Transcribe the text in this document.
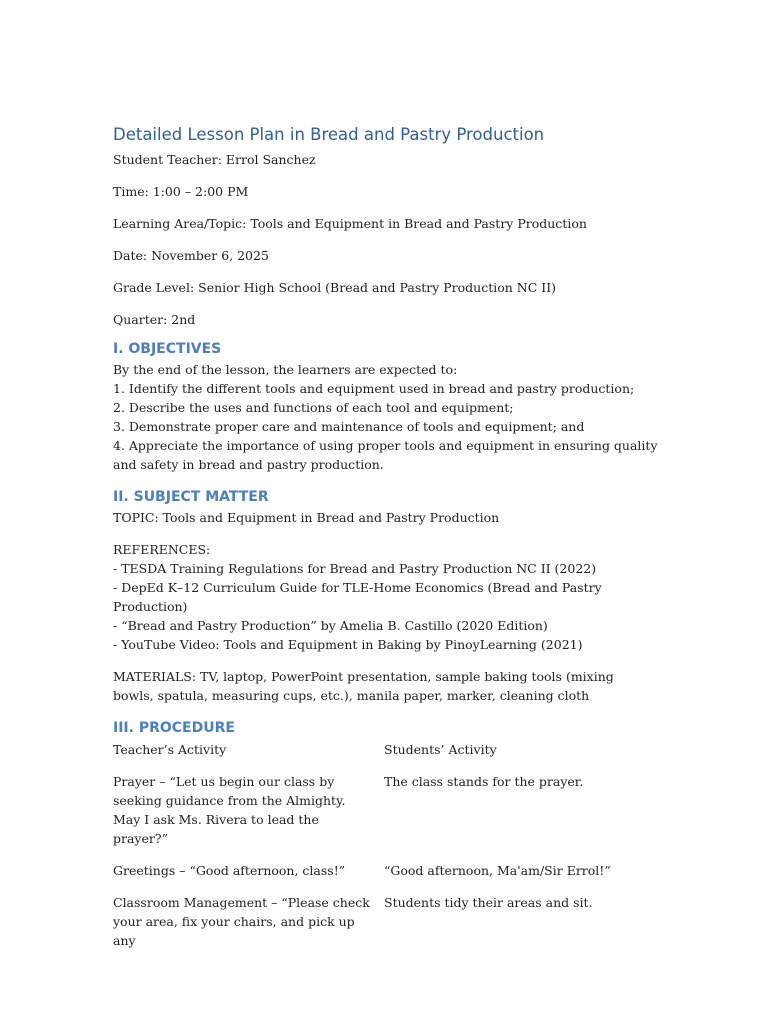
Detailed Lesson Plan in Bread and Pastry Production

Student Teacher: Errol Sanchez

Time: 1:00 – 2:00 PM

Learning Area/Topic: Tools and Equipment in Bread and Pastry Production

Date: November 6, 2025

Grade Level: Senior High School (Bread and Pastry Production NC II)

Quarter: 2nd

I. OBJECTIVES

By the end of the lesson, the learners are expected to:

1. Identify the different tools and equipment used in bread and pastry production;

2. Describe the uses and functions of each tool and equipment;

3. Demonstrate proper care and maintenance of tools and equipment; and

4. Appreciate the importance of using proper tools and equipment in ensuring quality and safety in bread and pastry production.

II. SUBJECT MATTER

TOPIC: Tools and Equipment in Bread and Pastry Production

REFERENCES:

- TESDA Training Regulations for Bread and Pastry Production NC II (2022)

- DepEd K–12 Curriculum Guide for TLE-Home Economics (Bread and Pastry Production)

- “Bread and Pastry Production” by Amelia B. Castillo (2020 Edition)

- YouTube Video: Tools and Equipment in Baking by PinoyLearning (2021)

MATERIALS: TV, laptop, PowerPoint presentation, sample baking tools (mixing bowls, spatula, measuring cups, etc.), manila paper, marker, cleaning cloth

III. PROCEDURE
Teacher’s Activity	Students’ Activity
Prayer – “Let us begin our class by seeking guidance from the Almighty. May I ask Ms. Rivera to lead the prayer?”	The class stands for the prayer.
Greetings – “Good afternoon, class!”	“Good afternoon, Ma'am/Sir Errol!”
Classroom Management – “Please check your area, fix your chairs, and pick up any	Students tidy their areas and sit.
